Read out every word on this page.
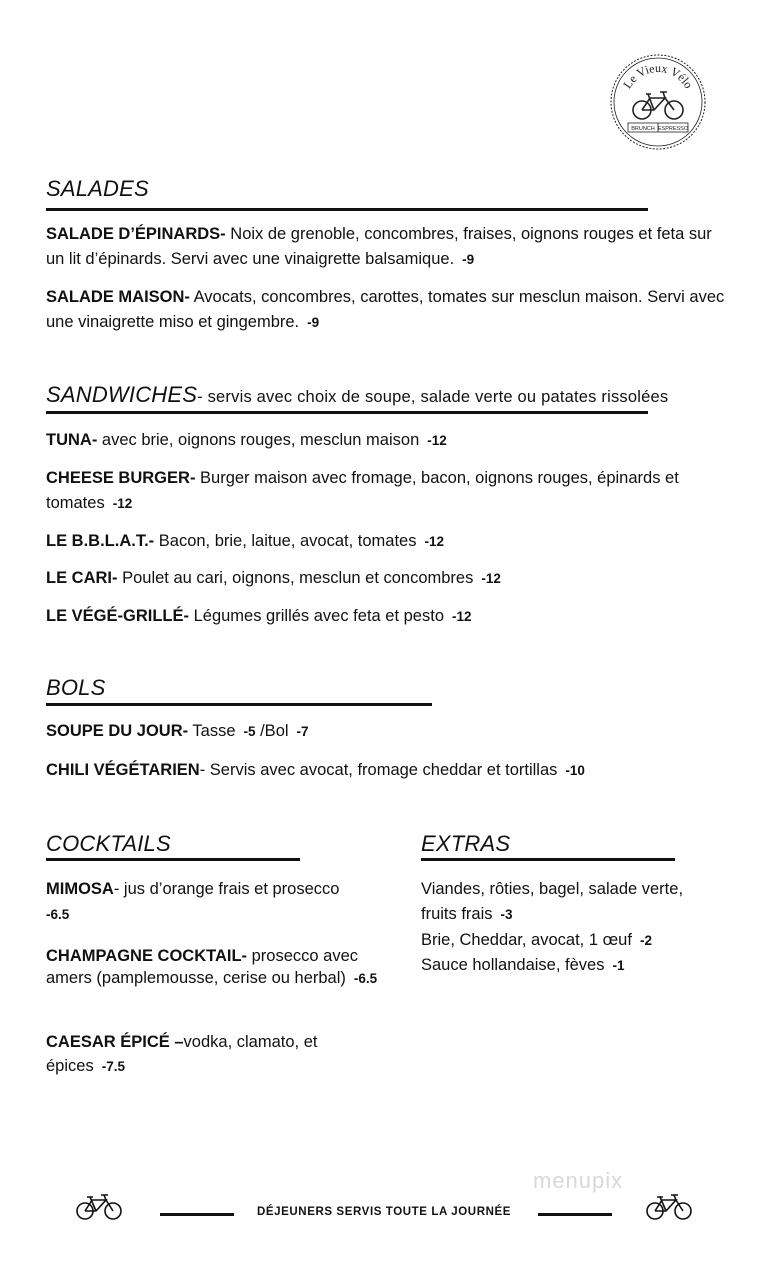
Le Vieux Vélo
BRUNCH ESPRESSO
SALADES
SALADE D’ÉPINARDS- Noix de grenoble, concombres, fraises, oignons rouges et feta sur un lit d’épinards. Servi avec une vinaigrette balsamique. -9
SALADE MAISON- Avocats, concombres, carottes, tomates sur mesclun maison. Servi avec une vinaigrette miso et gingembre. -9
SANDWICHES- servis avec choix de soupe, salade verte ou patates rissolées
TUNA- avec brie, oignons rouges, mesclun maison -12
CHEESE BURGER- Burger maison avec fromage, bacon, oignons rouges, épinards et tomates -12
LE B.B.L.A.T.- Bacon, brie, laitue, avocat, tomates -12
LE CARI- Poulet au cari, oignons, mesclun et concombres -12
LE VÉGÉ-GRILLÉ- Légumes grillés avec feta et pesto -12
BOLS
SOUPE DU JOUR- Tasse -5 /Bol -7
CHILI VÉGÉTARIEN- Servis avec avocat, fromage cheddar et tortillas -10
COCKTAILS
MIMOSA- jus d’orange frais et prosecco
-6.5
CHAMPAGNE COCKTAIL- prosecco avec amers (pamplemousse, cerise ou herbal) -6.5
CAESAR ÉPICÉ –vodka, clamato, et épices -7.5
EXTRAS
Viandes, rôties, bagel, salade verte, fruits frais -3
Brie, Cheddar, avocat, 1 œuf -2
Sauce hollandaise, fèves -1
menupix
DÉJEUNERS SERVIS TOUTE LA JOURNÉE
